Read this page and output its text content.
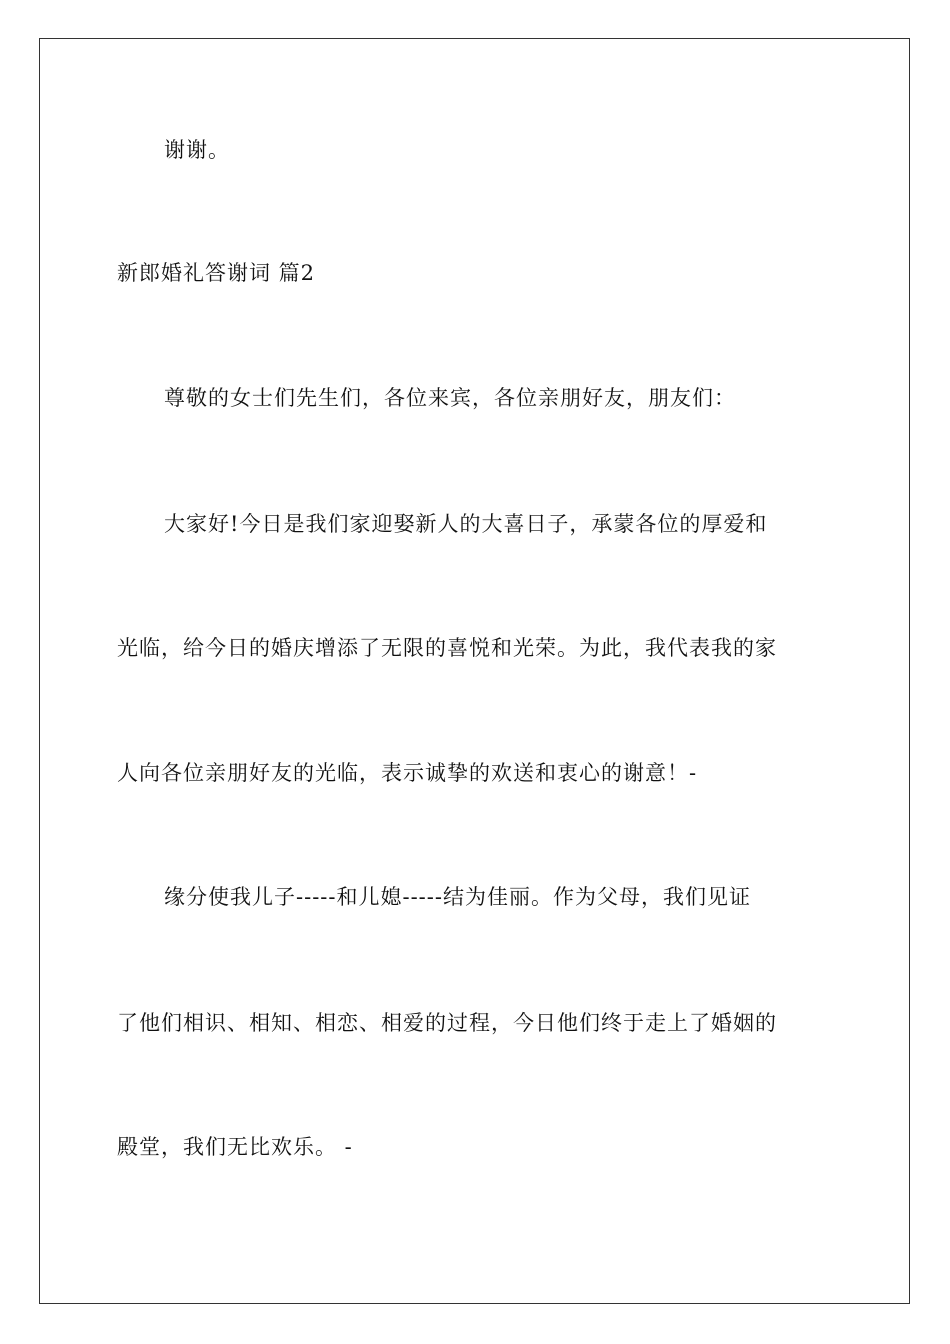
谢谢。
新郎婚礼答谢词 篇2
尊敬的女士们先生们，各位来宾，各位亲朋好友，朋友们：
大家好!今日是我们家迎娶新人的大喜日子，承蒙各位的厚爱和
光临，给今日的婚庆增添了无限的喜悦和光荣。为此，我代表我的家
人向各位亲朋好友的光临，表示诚挚的欢送和衷心的谢意！-
缘分使我儿子-----和儿媳-----结为佳丽。作为父母，我们见证
了他们相识、相知、相恋、相爱的过程，今日他们终于走上了婚姻的
殿堂，我们无比欢乐。 -
